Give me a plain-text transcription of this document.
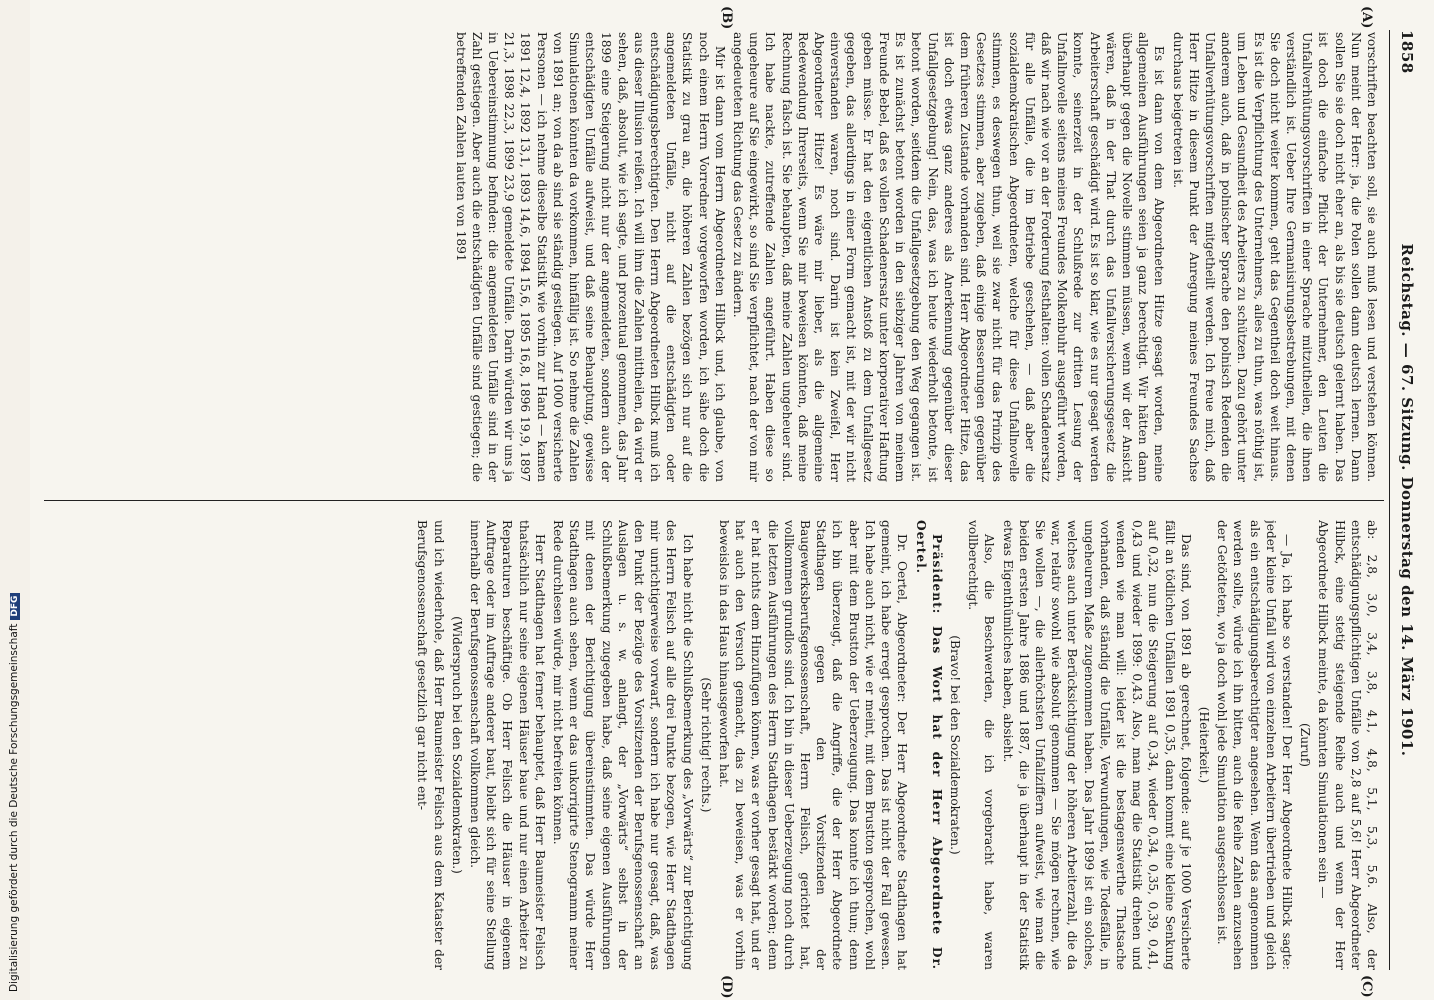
Digitalisierung gefördert durch die Deutsche ForschungsgemeinschaftDFG
1858
Reichstag. — 67. Sitzung. Donnerstag den 14. März 1901.
(A)
(B)
(C)
(D)

vorschriften beachten soll, sie auch muß lesen und verstehen können. Nun meint der Herr: ja, die Polen sollen dann deutsch lernen. Dann sollen Sie sie doch nicht eher an, als bis sie deutsch gelernt haben. Das ist doch die einfache Pflicht der Unternehmer, den Leuten die Unfallverhütungsvorschriften in einer Sprache mitzutheilen, die ihnen verständlich ist. Ueber Ihre Germanisirungsbestrebungen, mit denen Sie doch nicht weiter kommen, geht das Gegentheil doch weit hinaus. Es ist die Verpflichtung des Unternehmers, alles zu thun, was nöthig ist, um Leben und Gesundheit des Arbeiters zu schützen. Dazu gehört unter anderem auch, daß in polnischer Sprache den polnisch Redenden die Unfallverhütungsvorschriften mitgetheilt werden. Ich freue mich, daß Herr Hitze in diesem Punkt der Anregung meines Freundes Sachse durchaus beigetreten ist.

Es ist dann von dem Abgeordneten Hitze gesagt worden, meine allgemeinen Ausführungen seien ja ganz berechtigt. Wir hätten dann überhaupt gegen die Novelle stimmen müssen, wenn wir der Ansicht wären, daß in der That durch das Unfallversicherungsgesetz die Arbeiterschaft geschädigt wird. Es ist so klar, wie es nur gesagt werden konnte, seinerzeit in der Schlußrede zur dritten Lesung der Unfallnovelle seitens meines Freundes Molkenbuhr ausgeführt worden, daß wir nach wie vor an der Forderung festhalten: vollen Schadenersatz für alle Unfälle, die im Betriebe geschehen, — daß aber die sozialdemokratischen Abgeordneten, welche für diese Unfallnovelle stimmen, es deswegen thun, weil sie zwar nicht für das Prinzip des Gesetzes stimmen, aber zugeben, daß einige Besserungen gegenüber dem früheren Zustande vorhanden sind. Herr Abgeordneter Hitze, das ist doch etwas ganz anderes als Anerkennung gegenüber dieser Unfallgesetzgebung! Nein, das, was ich heute wiederholt betonte, ist betont worden, seitdem die Unfallgesetzgebung den Weg gegangen ist. Es ist zunächst betont worden in den siebziger Jahren von meinem Freunde Bebel, daß es vollen Schadenersatz unter korporativer Haftung geben müsse. Er hat den eigentlichen Anstoß zu dem Unfallgesetz gegeben, das allerdings in einer Form gemacht ist, mit der wir nicht einverstanden waren, noch sind. Darin ist kein Zweifel, Herr Abgeordneter Hitze! Es wäre mir lieber, als die allgemeine Redewendung Ihrerseits, wenn Sie mir beweisen könnten, daß meine Rechnung falsch ist. Sie behaupten, daß meine Zahlen ungeheuer sind. Ich habe nackte, zutreffende Zahlen angeführt. Haben diese so ungeheure auf Sie eingewirkt, so sind Sie verpflichtet, nach der von mir angedeuteten Richtung das Gesetz zu ändern.

Mir ist dann vom Herrn Abgeordneten Hilbck und, ich glaube, von noch einem Herrn Vorredner vorgeworfen worden, ich sähe doch die Statistik zu grau an, die höheren Zahlen bezögen sich nur auf die angemeldeten Unfälle, nicht auf die entschädigten oder entschädigungsberechtigten. Den Herrn Abgeordneten Hilbck muß ich aus dieser Illusion reißen. Ich will ihm die Zahlen mittheilen, da wird er sehen, daß, absolut, wie ich sagte, und prozentual genommen, das Jahr 1899 eine Steigerung nicht nur der angemeldeten, sondern auch der entschädigten Unfälle aufweist, und daß seine Behauptung, gewisse Simulationen könnten da vorkommen, hinfällig ist. So nehme die Zahlen von 1891 an; von da ab sind sie ständig gestiegen. Auf 1000 versicherte Personen — ich nehme dieselbe Statistik wie vorhin zur Hand — kamen 1891 12,4, 1892 13,1, 1893 14,6, 1894 15,6, 1895 16,8, 1896 19,9, 1897 21,3, 1898 22,3, 1899 23,9 gemeldete Unfälle. Darin würden wir uns ja in Uebereinstimmung befinden: die angemeldeten Unfälle sind in der Zahl gestiegen. Aber auch die entschädigten Unfälle sind gestiegen; die betreffenden Zahlen lauten von 1891

ab: 2,8, 3,0, 3,4, 3,8, 4,1, 4,8, 5,1, 5,3, 5,6. Also, der entschädigungspflichtigen Unfälle von 2,8 auf 5,6! Herr Abgeordneter Hilbck, eine stetig steigende Reihe auch und wenn der Herr Abgeordnete Hilbck meinte, da könnten Simulationen sein —

(Zuruf)

— Ja, ich habe so verstanden! Der Herr Abgeordnete Hilbck sagte: jeder kleine Unfall wird von einzelnen Arbeitern übertrieben und gleich als ein entschädigungsberechtigter angesehen. Wenn das angenommen werden sollte, würde ich ihn bitten, auch die Reihe Zahlen anzusehen der Getödteten, wo ja doch wohl jede Simulation ausgeschlossen ist.

(Heiterkeit.)

Das sind, von 1891 ab gerechnet, folgende: auf je 1000 Versicherte fällt an tödlichen Unfällen 1891 0,35, dann kommt eine kleine Senkung auf 0,32, nun die Steigerung auf 0,34, wieder 0,34, 0,35, 0,39, 0,41, 0,43 und wieder 1899: 0,43. Also, man mag die Statistik drehen und wenden wie man will: leider ist die bestagenswerthe Thatsache vorhanden, daß ständig die Unfälle, Verwundungen, wie Todesfälle, in ungeheurem Maße zugenommen haben. Das Jahr 1899 ist ein solches, welches auch unter Berücksichtigung der höheren Arbeiterzahl, die da war, relativ sowohl wie absolut genommen — Sie mögen rechnen, wie Sie wollen —, die allerhöchsten Unfallziffern aufweist, wie man die beiden ersten Jahre 1886 und 1887, die ja überhaupt in der Statistik etwas Eigenthümliches haben, absieht.

Also, die Beschwerden, die ich vorgebracht habe, waren vollberechtigt.

(Bravo! bei den Sozialdemokraten.)

Präsident: Das Wort hat der Herr Abgeordnete Dr. Oertel.

Dr. Oertel, Abgeordneter: Der Herr Abgeordnete Stadthagen hat gemeint, ich habe erregt gesprochen. Das ist nicht der Fall gewesen. Ich habe auch nicht, wie er meint, mit dem Brustton gesprochen, wohl aber mit dem Brustton der Ueberzeugung. Das konnte ich thun; denn ich bin überzeugt, daß die Angriffe, die der Herr Abgeordnete Stadthagen gegen den Vorsitzenden der Baugewerksberufsgenossenschaft, Herrn Felisch, gerichtet hat, vollkommen grundlos sind. Ich bin in dieser Ueberzeugung noch durch die letzten Ausführungen des Herrn Stadthagen bestärkt worden; denn er hat nichts dem Hinzufügen können, was er vorher gesagt hat, und er hat auch den Versuch gemacht, das zu beweisen, was er vorhin beweislos in das Haus hinausgeworfen hat.

(Sehr richtig! rechts.)

Ich habe nicht die Schlußbemerkung des „Vorwärts“ zur Berichtigung des Herrn Felisch auf alle drei Punkte bezogen, wie Herr Stadthagen mir unrichtigerweise vorwarf, sondern ich habe nur gesagt, daß, was den Punkt der Bezüge des Vorsitzenden der Berufsgenossenschaft an Auslagen u. s. w. anlangt, der „Vorwärts“ selbst in der Schlußbemerkung zugegeben habe, daß seine eigenen Ausführungen mit denen der Berichtigung übereinstimmten. Das würde Herr Stadthagen auch sehen, wenn er das unkorrigirte Stenogramm meiner Rede durchlesen würde, mir nicht befreiten können.

Herr Stadthagen hat ferner behauptet, daß Herr Baumeister Felisch thatsächlich nur seine eigenen Häuser baue und nur einen Arbeiter zu Reparaturen beschäftige. Ob Herr Felisch die Häuser in eigenem Auftrage oder im Auftrage anderer baut, bleibt sich für seine Stellung innerhalb der Berufsgenossenschaft vollkommen gleich.

(Widerspruch bei den Sozialdemokraten.)

und ich wiederhole, daß Herr Baumeister Felisch aus dem Kataster der Berufsgenossenschaft gesetzlich gar nicht ent-
